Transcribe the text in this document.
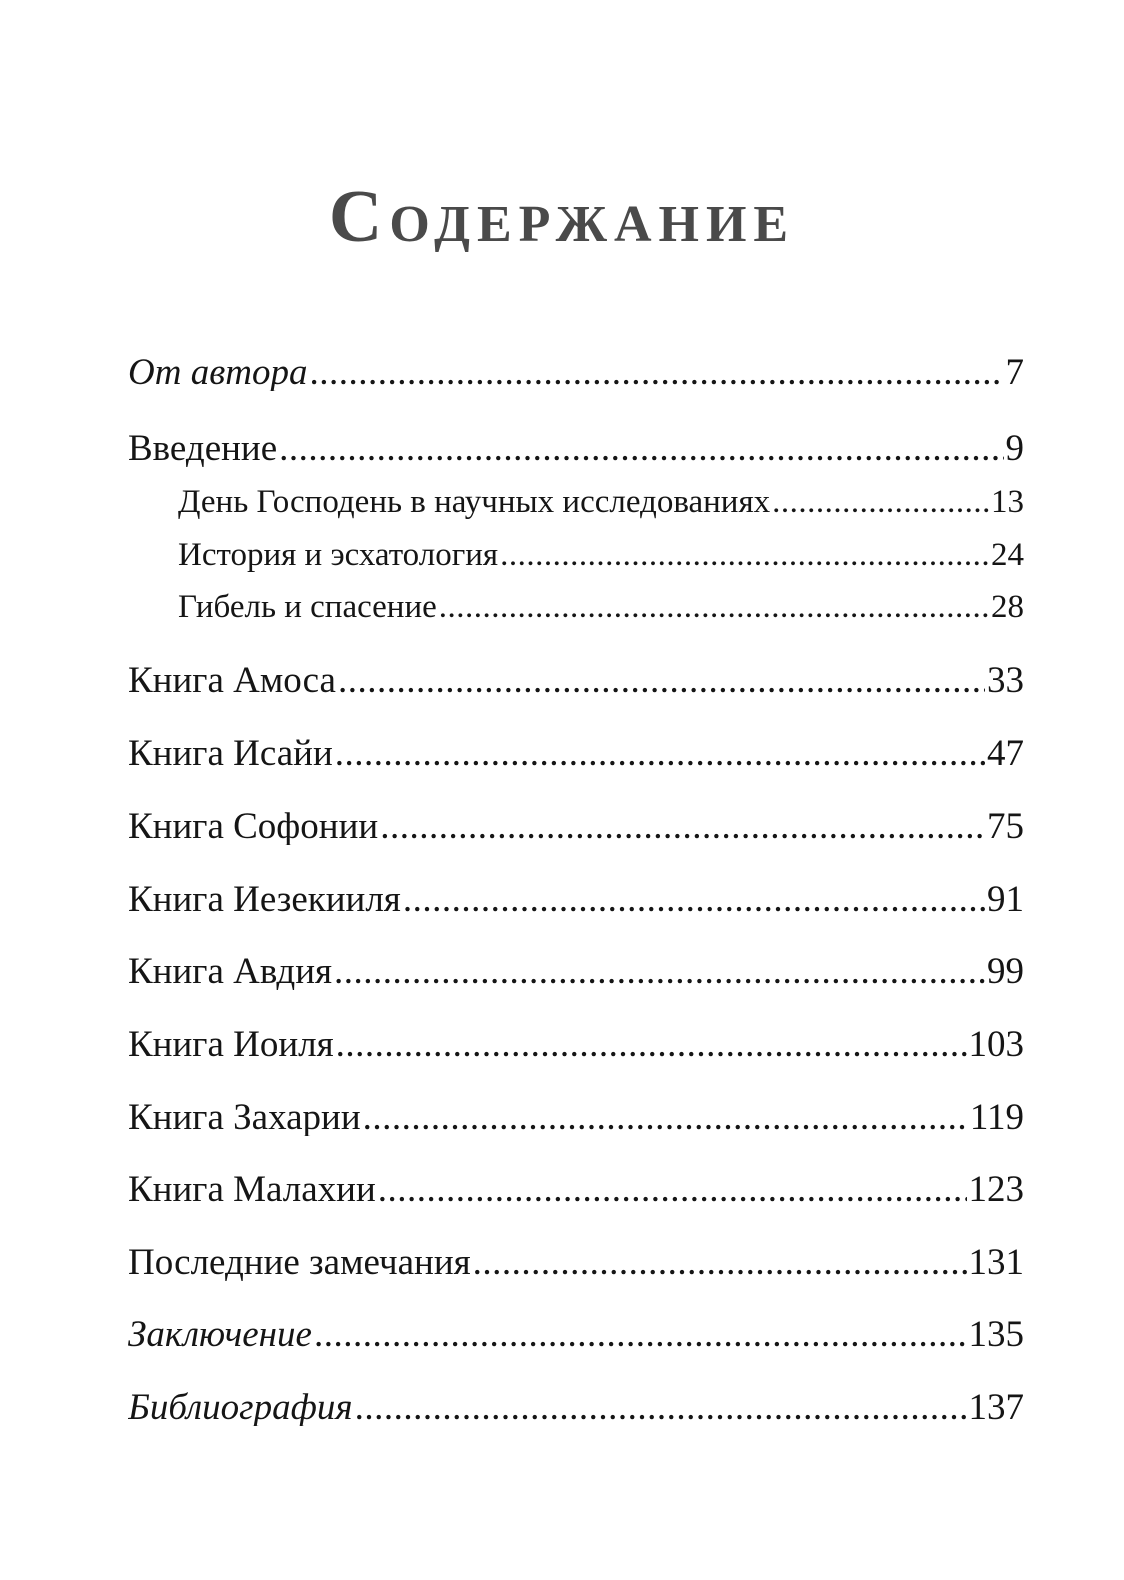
Содержание
От автора .....	7
Введение .....	9
День Господень в научных исследованиях .....	13
История и эсхатология .....	24
Гибель и спасение .....	28
Книга Амоса .....	33
Книга Исайи .....	47
Книга Софонии .....	75
Книга Иезекииля .....	91
Книга Авдия .....	99
Книга Иоиля .....	103
Книга Захарии .....	119
Книга Малахии .....	123
Последние замечания .....	131
Заключение .....	135
Библиография .....	137
